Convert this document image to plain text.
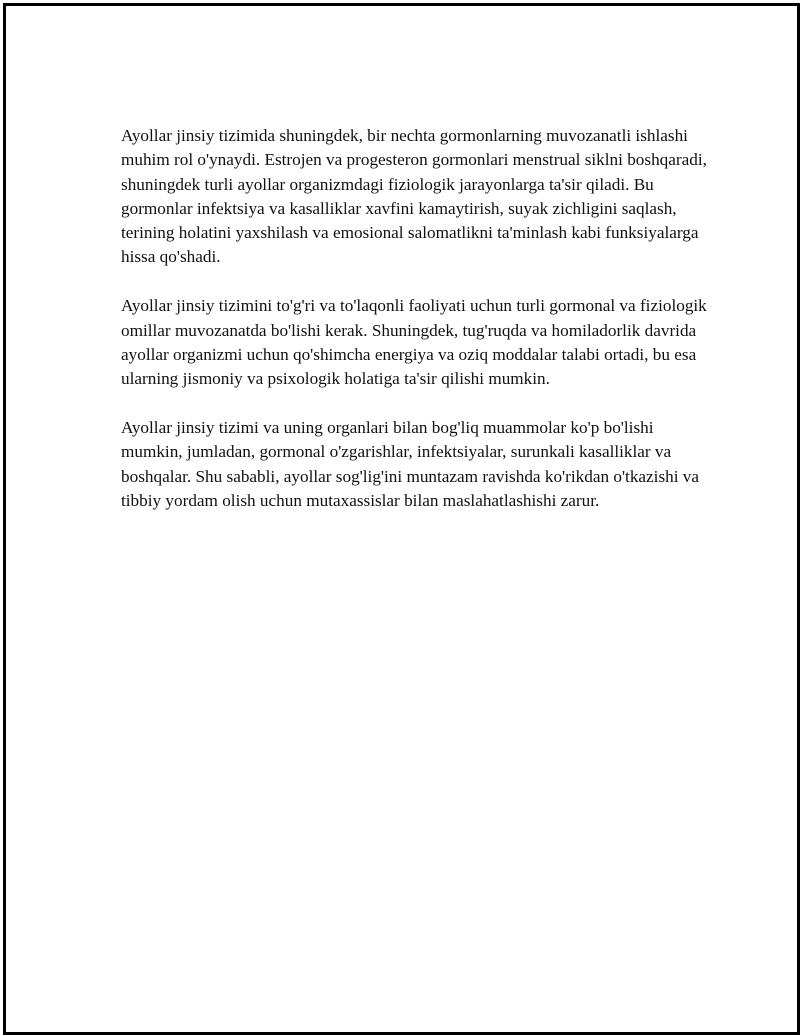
Ayollar jinsiy tizimida shuningdek, bir nechta gormonlarning muvozanatli ishlashi muhim rol o'ynaydi. Estrojen va progesteron gormonlari menstrual siklni boshqaradi, shuningdek turli ayollar organizmdagi fiziologik jarayonlarga ta'sir qiladi. Bu gormonlar infektsiya va kasalliklar xavfini kamaytirish, suyak zichligini saqlash, terining holatini yaxshilash va emosional salomatlikni ta'minlash kabi funksiyalarga hissa qo'shadi.

Ayollar jinsiy tizimini to'g'ri va to'laqonli faoliyati uchun turli gormonal va fiziologik omillar muvozanatda bo'lishi kerak. Shuningdek, tug'ruqda va homiladorlik davrida ayollar organizmi uchun qo'shimcha energiya va oziq moddalar talabi ortadi, bu esa ularning jismoniy va psixologik holatiga ta'sir qilishi mumkin.

Ayollar jinsiy tizimi va uning organlari bilan bog'liq muammolar ko'p bo'lishi mumkin, jumladan, gormonal o'zgarishlar, infektsiyalar, surunkali kasalliklar va boshqalar. Shu sababli, ayollar sog'lig'ini muntazam ravishda ko'rikdan o'tkazishi va tibbiy yordam olish uchun mutaxassislar bilan maslahatlashishi zarur.
